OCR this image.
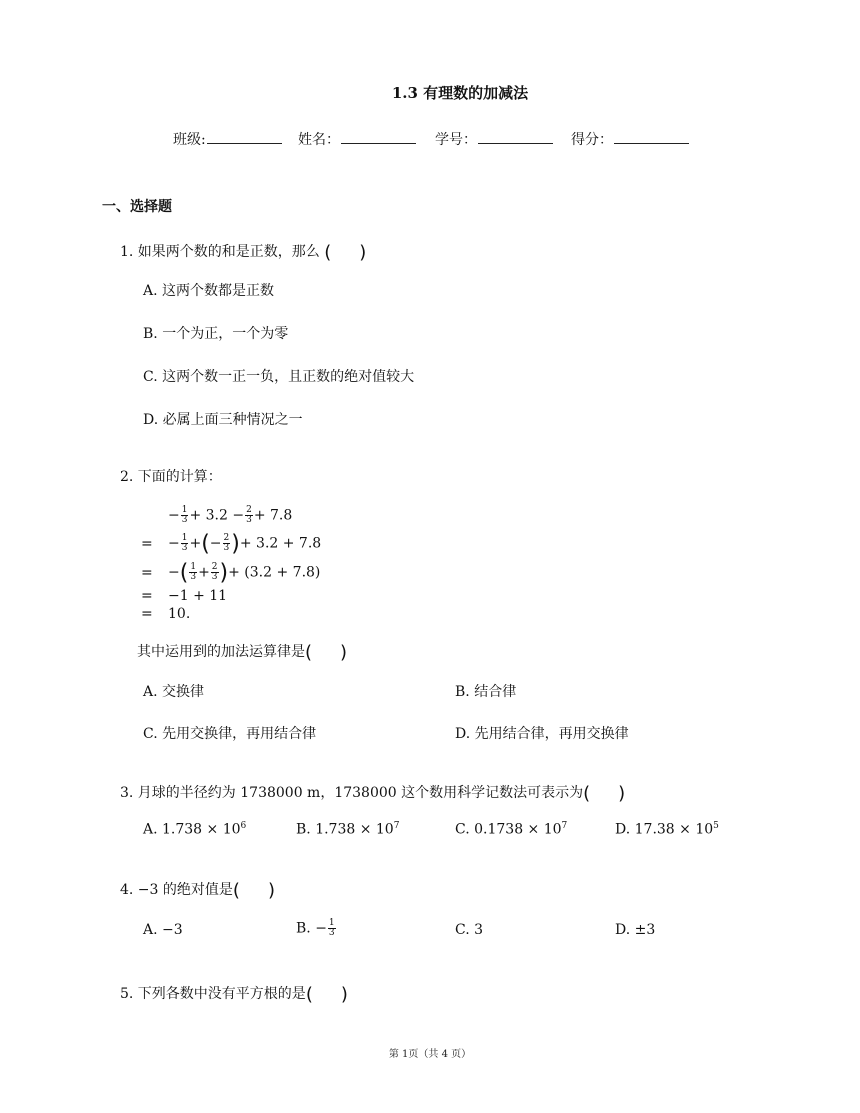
1.3 有理数的加减法
班级:	姓名：	学号：	得分：
一、选择题
1. 如果两个数的和是正数，那么 ( )
A. 这两个数都是正数
B. 一个为正，一个为零
C. 这两个数一正一负，且正数的绝对值较大
D. 必属上面三种情况之一
2. 下面的计算：
− $\frac{1}{3} + 3.2 - \frac{2}{3} + 7.8$
= − $\frac{1}{3}$ +(− $\frac{2}{3}$ )+ 3.2 + 7.8
= −( $\frac{1}{3} + \frac{2}{3}$ )+ (3.2 + 7.8)
= −1 + 11
= 10.
其中运用到的加法运算律是( )
A. 交换律	B. 结合律
C. 先用交换律，再用结合律	D. 先用结合律，再用交换律
3. 月球的半径约为 1738000 m，1738000 这个数用科学记数法可表示为( )
A. $1.738 \times 10^6$	B. $1.738 \times 10^7$	C. $0.1738 \times 10^7$	D. $17.38 \times 10^5$
4. −3 的绝对值是( )
A. −3	B. − $\frac{1}{3}$	C. 3	D. ±3
5. 下列各数中没有平方根的是( )
第 1页（共 4 页）
